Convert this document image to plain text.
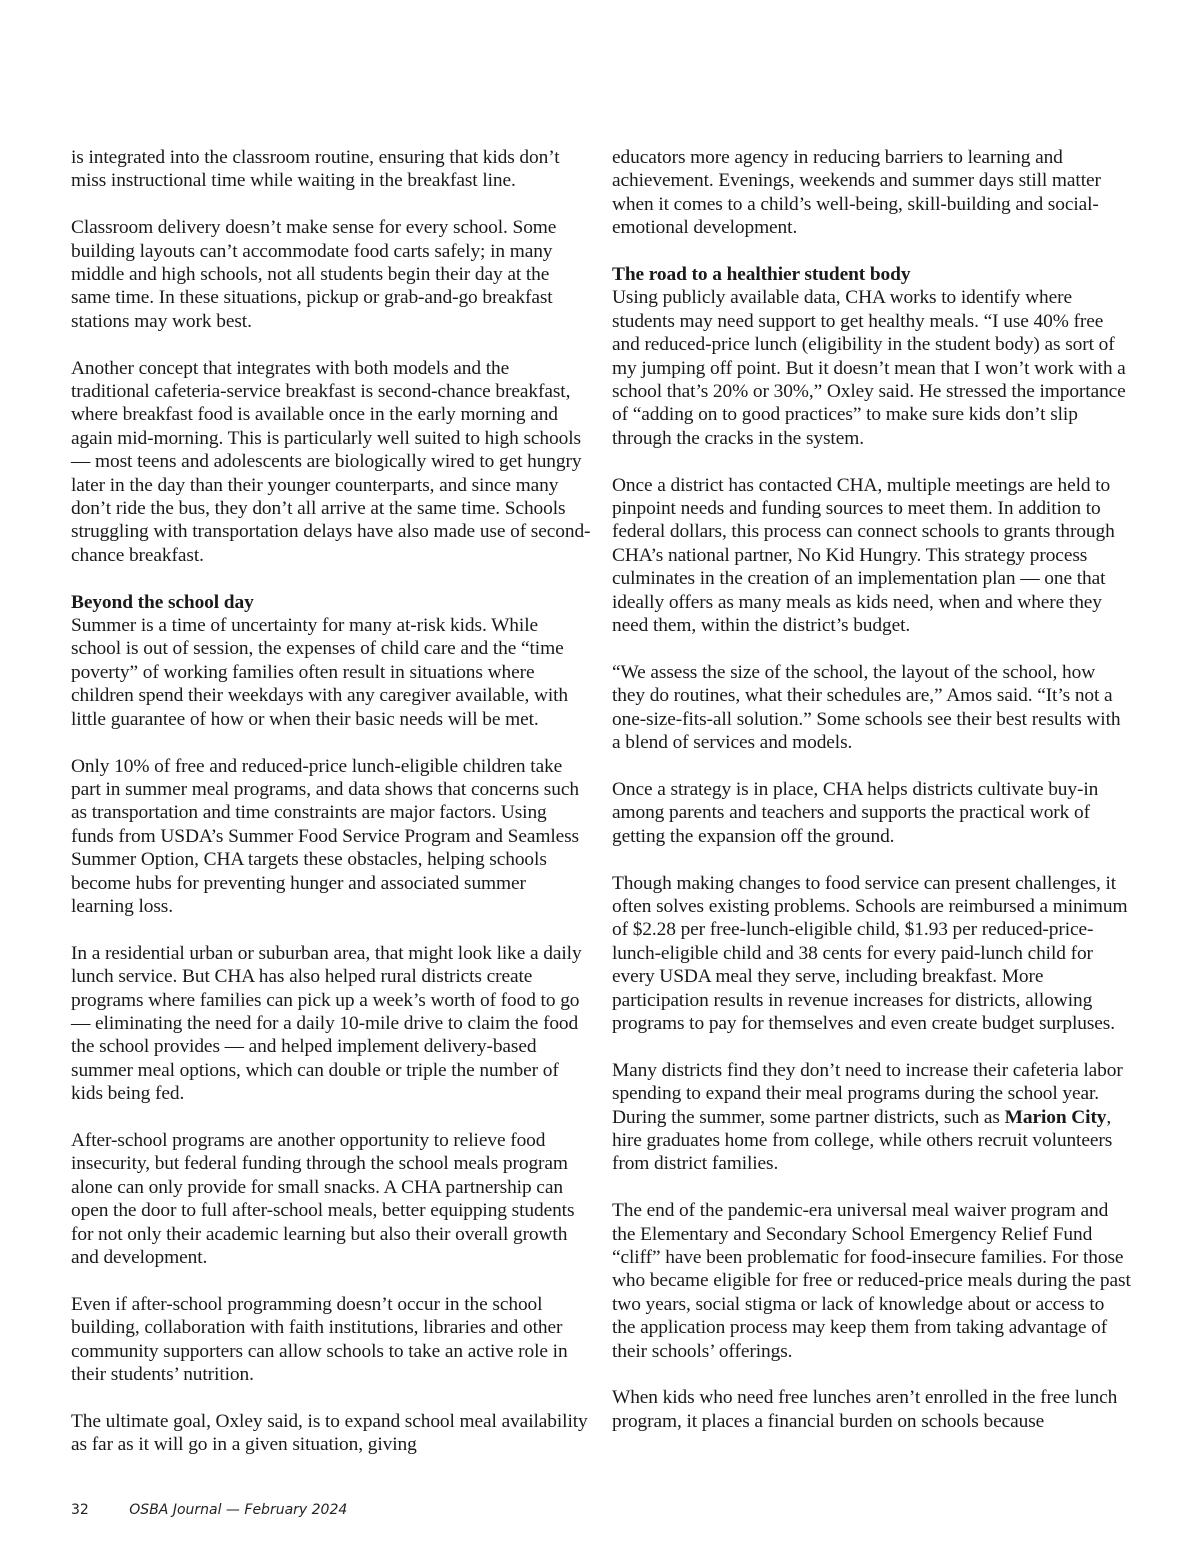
is integrated into the classroom routine, ensuring that kids don’t miss instructional time while waiting in the breakfast line.

Classroom delivery doesn’t make sense for every school. Some building layouts can’t accommodate food carts safely; in many middle and high schools, not all students begin their day at the same time. In these situations, pickup or grab-and-go breakfast stations may work best.

Another concept that integrates with both models and the traditional cafeteria-service breakfast is second-chance breakfast, where breakfast food is available once in the early morning and again mid-morning. This is particularly well suited to high schools — most teens and adolescents are biologically wired to get hungry later in the day than their younger counterparts, and since many don’t ride the bus, they don’t all arrive at the same time. Schools struggling with transportation delays have also made use of second-chance breakfast.

Beyond the school day

Summer is a time of uncertainty for many at-risk kids. While school is out of session, the expenses of child care and the “time poverty” of working families often result in situations where children spend their weekdays with any caregiver available, with little guarantee of how or when their basic needs will be met.

Only 10% of free and reduced-price lunch-eligible children take part in summer meal programs, and data shows that concerns such as transportation and time constraints are major factors. Using funds from USDA’s Summer Food Service Program and Seamless Summer Option, CHA targets these obstacles, helping schools become hubs for preventing hunger and associated summer learning loss.

In a residential urban or suburban area, that might look like a daily lunch service. But CHA has also helped rural districts create programs where families can pick up a week’s worth of food to go — eliminating the need for a daily 10-mile drive to claim the food the school provides — and helped implement delivery-based summer meal options, which can double or triple the number of kids being fed.

After-school programs are another opportunity to relieve food insecurity, but federal funding through the school meals program alone can only provide for small snacks. A CHA partnership can open the door to full after-school meals, better equipping students for not only their academic learning but also their overall growth and development.

Even if after-school programming doesn’t occur in the school building, collaboration with faith institutions, libraries and other community supporters can allow schools to take an active role in their students’ nutrition.

The ultimate goal, Oxley said, is to expand school meal availability as far as it will go in a given situation, giving

educators more agency in reducing barriers to learning and achievement. Evenings, weekends and summer days still matter when it comes to a child’s well-being, skill-building and social-emotional development.

The road to a healthier student body

Using publicly available data, CHA works to identify where students may need support to get healthy meals. “I use 40% free and reduced-price lunch (eligibility in the student body) as sort of my jumping off point. But it doesn’t mean that I won’t work with a school that’s 20% or 30%,” Oxley said. He stressed the importance of “adding on to good practices” to make sure kids don’t slip through the cracks in the system.

Once a district has contacted CHA, multiple meetings are held to pinpoint needs and funding sources to meet them. In addition to federal dollars, this process can connect schools to grants through CHA’s national partner, No Kid Hungry. This strategy process culminates in the creation of an implementation plan — one that ideally offers as many meals as kids need, when and where they need them, within the district’s budget.

“We assess the size of the school, the layout of the school, how they do routines, what their schedules are,” Amos said. “It’s not a one-size-fits-all solution.” Some schools see their best results with a blend of services and models.

Once a strategy is in place, CHA helps districts cultivate buy-in among parents and teachers and supports the practical work of getting the expansion off the ground.

Though making changes to food service can present challenges, it often solves existing problems. Schools are reimbursed a minimum of $2.28 per free-lunch-eligible child, $1.93 per reduced-price-lunch-eligible child and 38 cents for every paid-lunch child for every USDA meal they serve, including breakfast. More participation results in revenue increases for districts, allowing programs to pay for themselves and even create budget surpluses.

Many districts find they don’t need to increase their cafeteria labor spending to expand their meal programs during the school year. During the summer, some partner districts, such as Marion City, hire graduates home from college, while others recruit volunteers from district families.

The end of the pandemic-era universal meal waiver program and the Elementary and Secondary School Emergency Relief Fund “cliff” have been problematic for food-insecure families. For those who became eligible for free or reduced-price meals during the past two years, social stigma or lack of knowledge about or access to the application process may keep them from taking advantage of their schools’ offerings.

When kids who need free lunches aren’t enrolled in the free lunch program, it places a financial burden on schools because

32	OSBA Journal — February 2024
